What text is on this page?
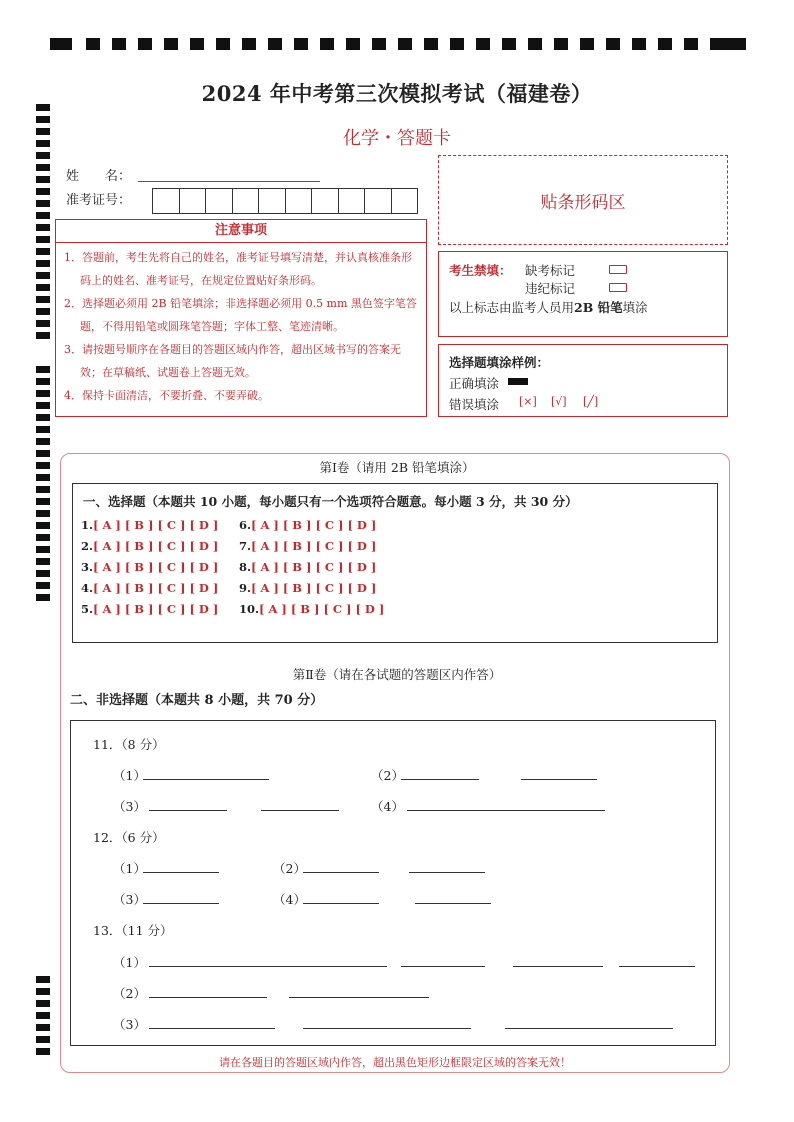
2024 年中考第三次模拟考试（福建卷）
化学・答题卡
姓　　名：
准考证号：	贴条形码区
注意事项
1．答题前，考生先将自己的姓名，准考证号填写清楚，并认真核准条形码上的姓名、准考证号，在规定位置贴好条形码。
2．选择题必须用 2B 铅笔填涂；非选择题必须用 0.5 mm 黑色签字笔答题，不得用铅笔或圆珠笔答题；字体工整、笔迹清晰。
3．请按题号顺序在各题目的答题区域内作答，超出区域书写的答案无效；在草稿纸、试题卷上答题无效。
4．保持卡面清洁，不要折叠、不要弄破。
考生禁填： 缺考标记
违纪标记
以上标志由监考人员用2B 铅笔填涂
选择题填涂样例：
正确填涂
错误填涂 [×] [√] [╱]
第Ⅰ卷（请用 2B 铅笔填涂）
一、选择题（本题共 10 小题，每小题只有一个选项符合题意。每小题 3 分，共 30 分）
1.[ A ] [ B ] [ C ] [ D ]
2.[ A ] [ B ] [ C ] [ D ]
3.[ A ] [ B ] [ C ] [ D ]
4.[ A ] [ B ] [ C ] [ D ]
5.[ A ] [ B ] [ C ] [ D ]
6.[ A ] [ B ] [ C ] [ D ]
7.[ A ] [ B ] [ C ] [ D ]
8.[ A ] [ B ] [ C ] [ D ]
9.[ A ] [ B ] [ C ] [ D ]
10.[ A ] [ B ] [ C ] [ D ]
第Ⅱ卷（请在各试题的答题区内作答）
二、非选择题（本题共 8 小题，共 70 分）
11．（8 分）
（1）	（2）
（3）	（4）
12．（6 分）
（1）	（2）
（3）	（4）
13．（11 分）
（1）
（2）
（3）
请在各题目的答题区域内作答，超出黑色矩形边框限定区域的答案无效！
